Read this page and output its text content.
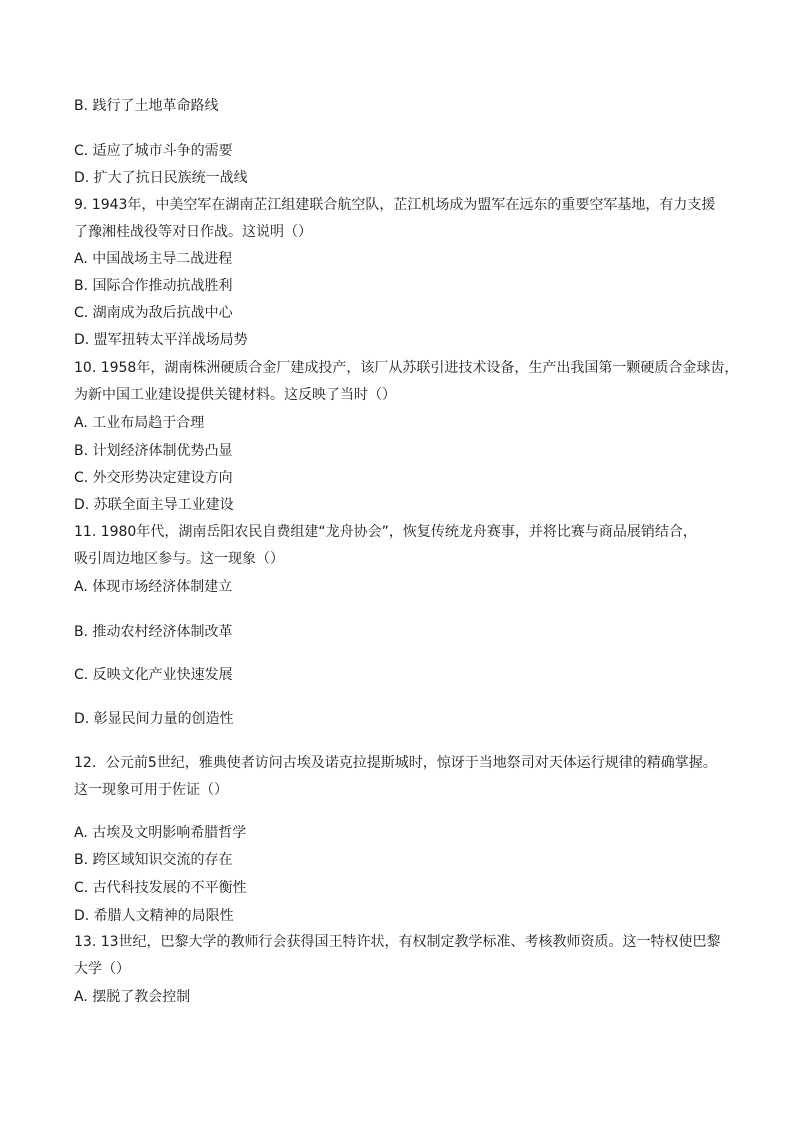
B. 践行了土地革命路线
C. 适应了城市斗争的需要
D. 扩大了抗日民族统一战线
9. 1943年，中美空军在湖南芷江组建联合航空队，芷江机场成为盟军在远东的重要空军基地，有力支援
了豫湘桂战役等对日作战。这说明（）
A. 中国战场主导二战进程
B. 国际合作推动抗战胜利
C. 湖南成为敌后抗战中心
D. 盟军扭转太平洋战场局势
10. 1958年，湖南株洲硬质合金厂建成投产，该厂从苏联引进技术设备，生产出我国第一颗硬质合金球齿，
为新中国工业建设提供关键材料。这反映了当时（）
A. 工业布局趋于合理
B. 计划经济体制优势凸显
C. 外交形势决定建设方向
D. 苏联全面主导工业建设
11. 1980年代，湖南岳阳农民自费组建“龙舟协会”，恢复传统龙舟赛事，并将比赛与商品展销结合，
吸引周边地区参与。这一现象（）
A. 体现市场经济体制建立
B. 推动农村经济体制改革
C. 反映文化产业快速发展
D. 彰显民间力量的创造性
12．公元前5世纪，雅典使者访问古埃及诺克拉提斯城时，惊讶于当地祭司对天体运行规律的精确掌握。
这一现象可用于佐证（）
A. 古埃及文明影响希腊哲学
B. 跨区域知识交流的存在
C. 古代科技发展的不平衡性
D. 希腊人文精神的局限性
13. 13世纪，巴黎大学的教师行会获得国王特许状，有权制定教学标准、考核教师资质。这一特权使巴黎
大学（）
A. 摆脱了教会控制
